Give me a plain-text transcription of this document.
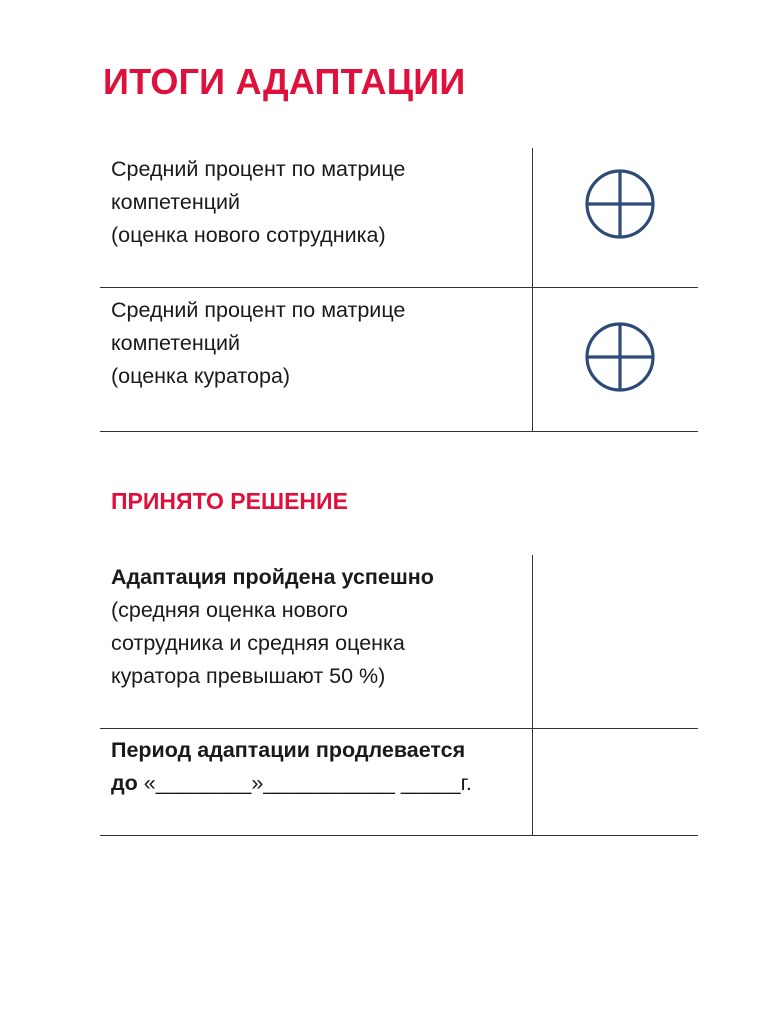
ИТОГИ АДАПТАЦИИ
Средний процент по матрице
компетенций
(оценка нового сотрудника)
Средний процент по матрице
компетенций
(оценка куратора)
ПРИНЯТО РЕШЕНИЕ
Адаптация пройдена успешно
(средняя оценка нового
сотрудника и средняя оценка
куратора превышают 50 %)
Период адаптации продлевается
до «________»___________ _____г.
